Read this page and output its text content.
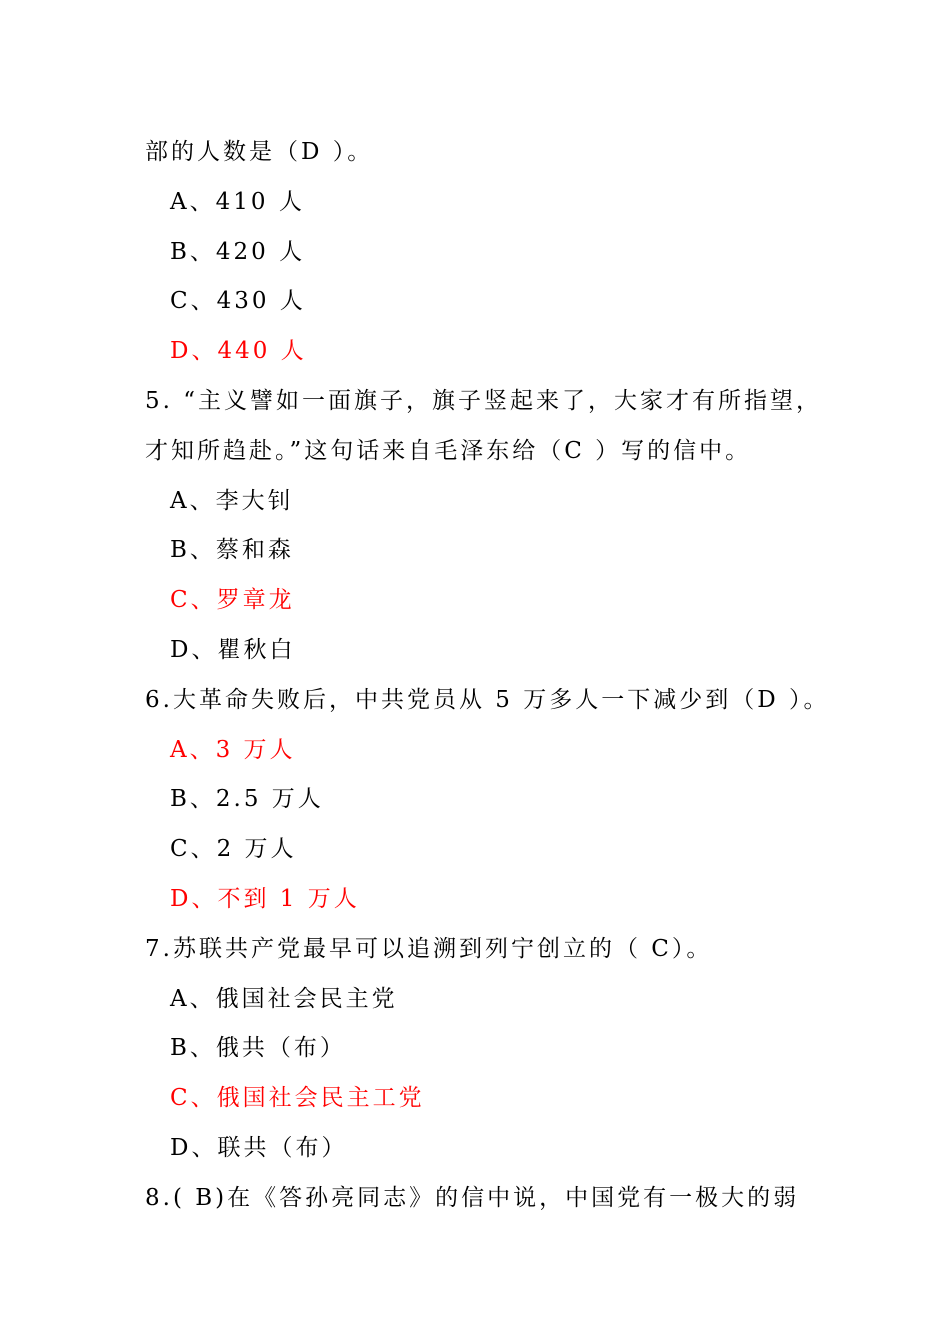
部的人数是（D ）。
A、410 人
B、420 人
C、430 人
D、440 人
5. “主义譬如一面旗子，旗子竖起来了，大家才有所指望，
才知所趋赴。”这句话来自毛泽东给（C ）写的信中。
A、李大钊
B、蔡和森
C、罗章龙
D、瞿秋白
6.大革命失败后，中共党员从 5 万多人一下减少到（D ）。
A、3 万人
B、2.5 万人
C、2 万人
D、不到 1 万人
7.苏联共产党最早可以追溯到列宁创立的（ C）。
A、俄国社会民主党
B、俄共（布）
C、俄国社会民主工党
D、联共（布）
8.( B)在《答孙亮同志》的信中说，中国党有一极大的弱
